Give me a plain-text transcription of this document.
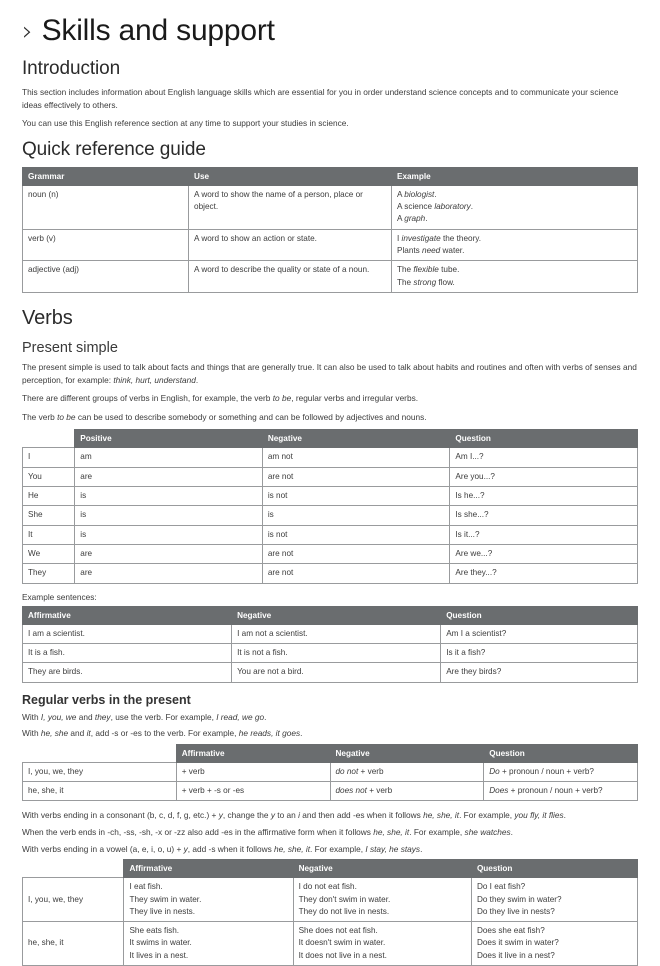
› Skills and support
Introduction

This section includes information about English language skills which are essential for you in order understand science concepts and to communicate your science ideas effectively to others.

You can use this English reference section at any time to support your studies in science.

Quick reference guide
Grammar	Use	Example
noun (n)	A word to show the name of a person, place or object.	A biologist.
A science laboratory.
A graph.

verb (v)	A word to show an action or state.	I investigate the theory.
Plants need water.

adjective (adj)	A word to describe the quality or state of a noun.	The flexible tube.
The strong flow.
Verbs
Present simple

The present simple is used to talk about facts and things that are generally true. It can also be used to talk about habits and routines and often with verbs of senses and perception, for example: think, hurt, understand.

There are different groups of verbs in English, for example, the verb to be, regular verbs and irregular verbs.

The verb to be can be used to describe somebody or something and can be followed by adjectives and nouns.

	Positive	Negative	Question
I	am	am not	Am I...?
You	are	are not	Are you...?
He	is	is not	Is he...?
She	is	is	Is she...?
It	is	is not	Is it...?
We	are	are not	Are we...?
They	are	are not	Are they...?

Example sentences:

Affirmative	Negative	Question
I am a scientist.	I am not a scientist.	Am I a scientist?
It is a fish.	It is not a fish.	Is it a fish?
They are birds.	You are not a bird.	Are they birds?
Regular verbs in the present

With I, you, we and they, use the verb. For example, I read, we go.

With he, she and it, add -s or -es to the verb. For example, he reads, it goes.

	Affirmative	Negative	Question
I, you, we, they	+ verb	do not + verb	Do + pronoun / noun + verb?
he, she, it	+ verb + -s or -es	does not + verb	Does + pronoun / noun + verb?

With verbs ending in a consonant (b, c, d, f, g, etc.) + y, change the y to an i and then add -es when it follows he, she, it. For example, you fly, it flies.

When the verb ends in -ch, -ss, -sh, -x or -zz also add -es in the affirmative form when it follows he, she, it. For example, she watches.

With verbs ending in a vowel (a, e, i, o, u) + y, add -s when it follows he, she, it. For example, I stay, he stays.

	Affirmative	Negative	Question
I, you, we, they	I eat fish.
They swim in water.
They live in nests.	I do not eat fish.
They don't swim in water.
They do not live in nests.	Do I eat fish?
Do they swim in water?
Do they live in nests?

he, she, it	She eats fish.
It swims in water.
It lives in a nest.	She does not eat fish.
It doesn't swim in water.
It does not live in a nest.	Does she eat fish?
Does it swim in water?
Does it live in a nest?
